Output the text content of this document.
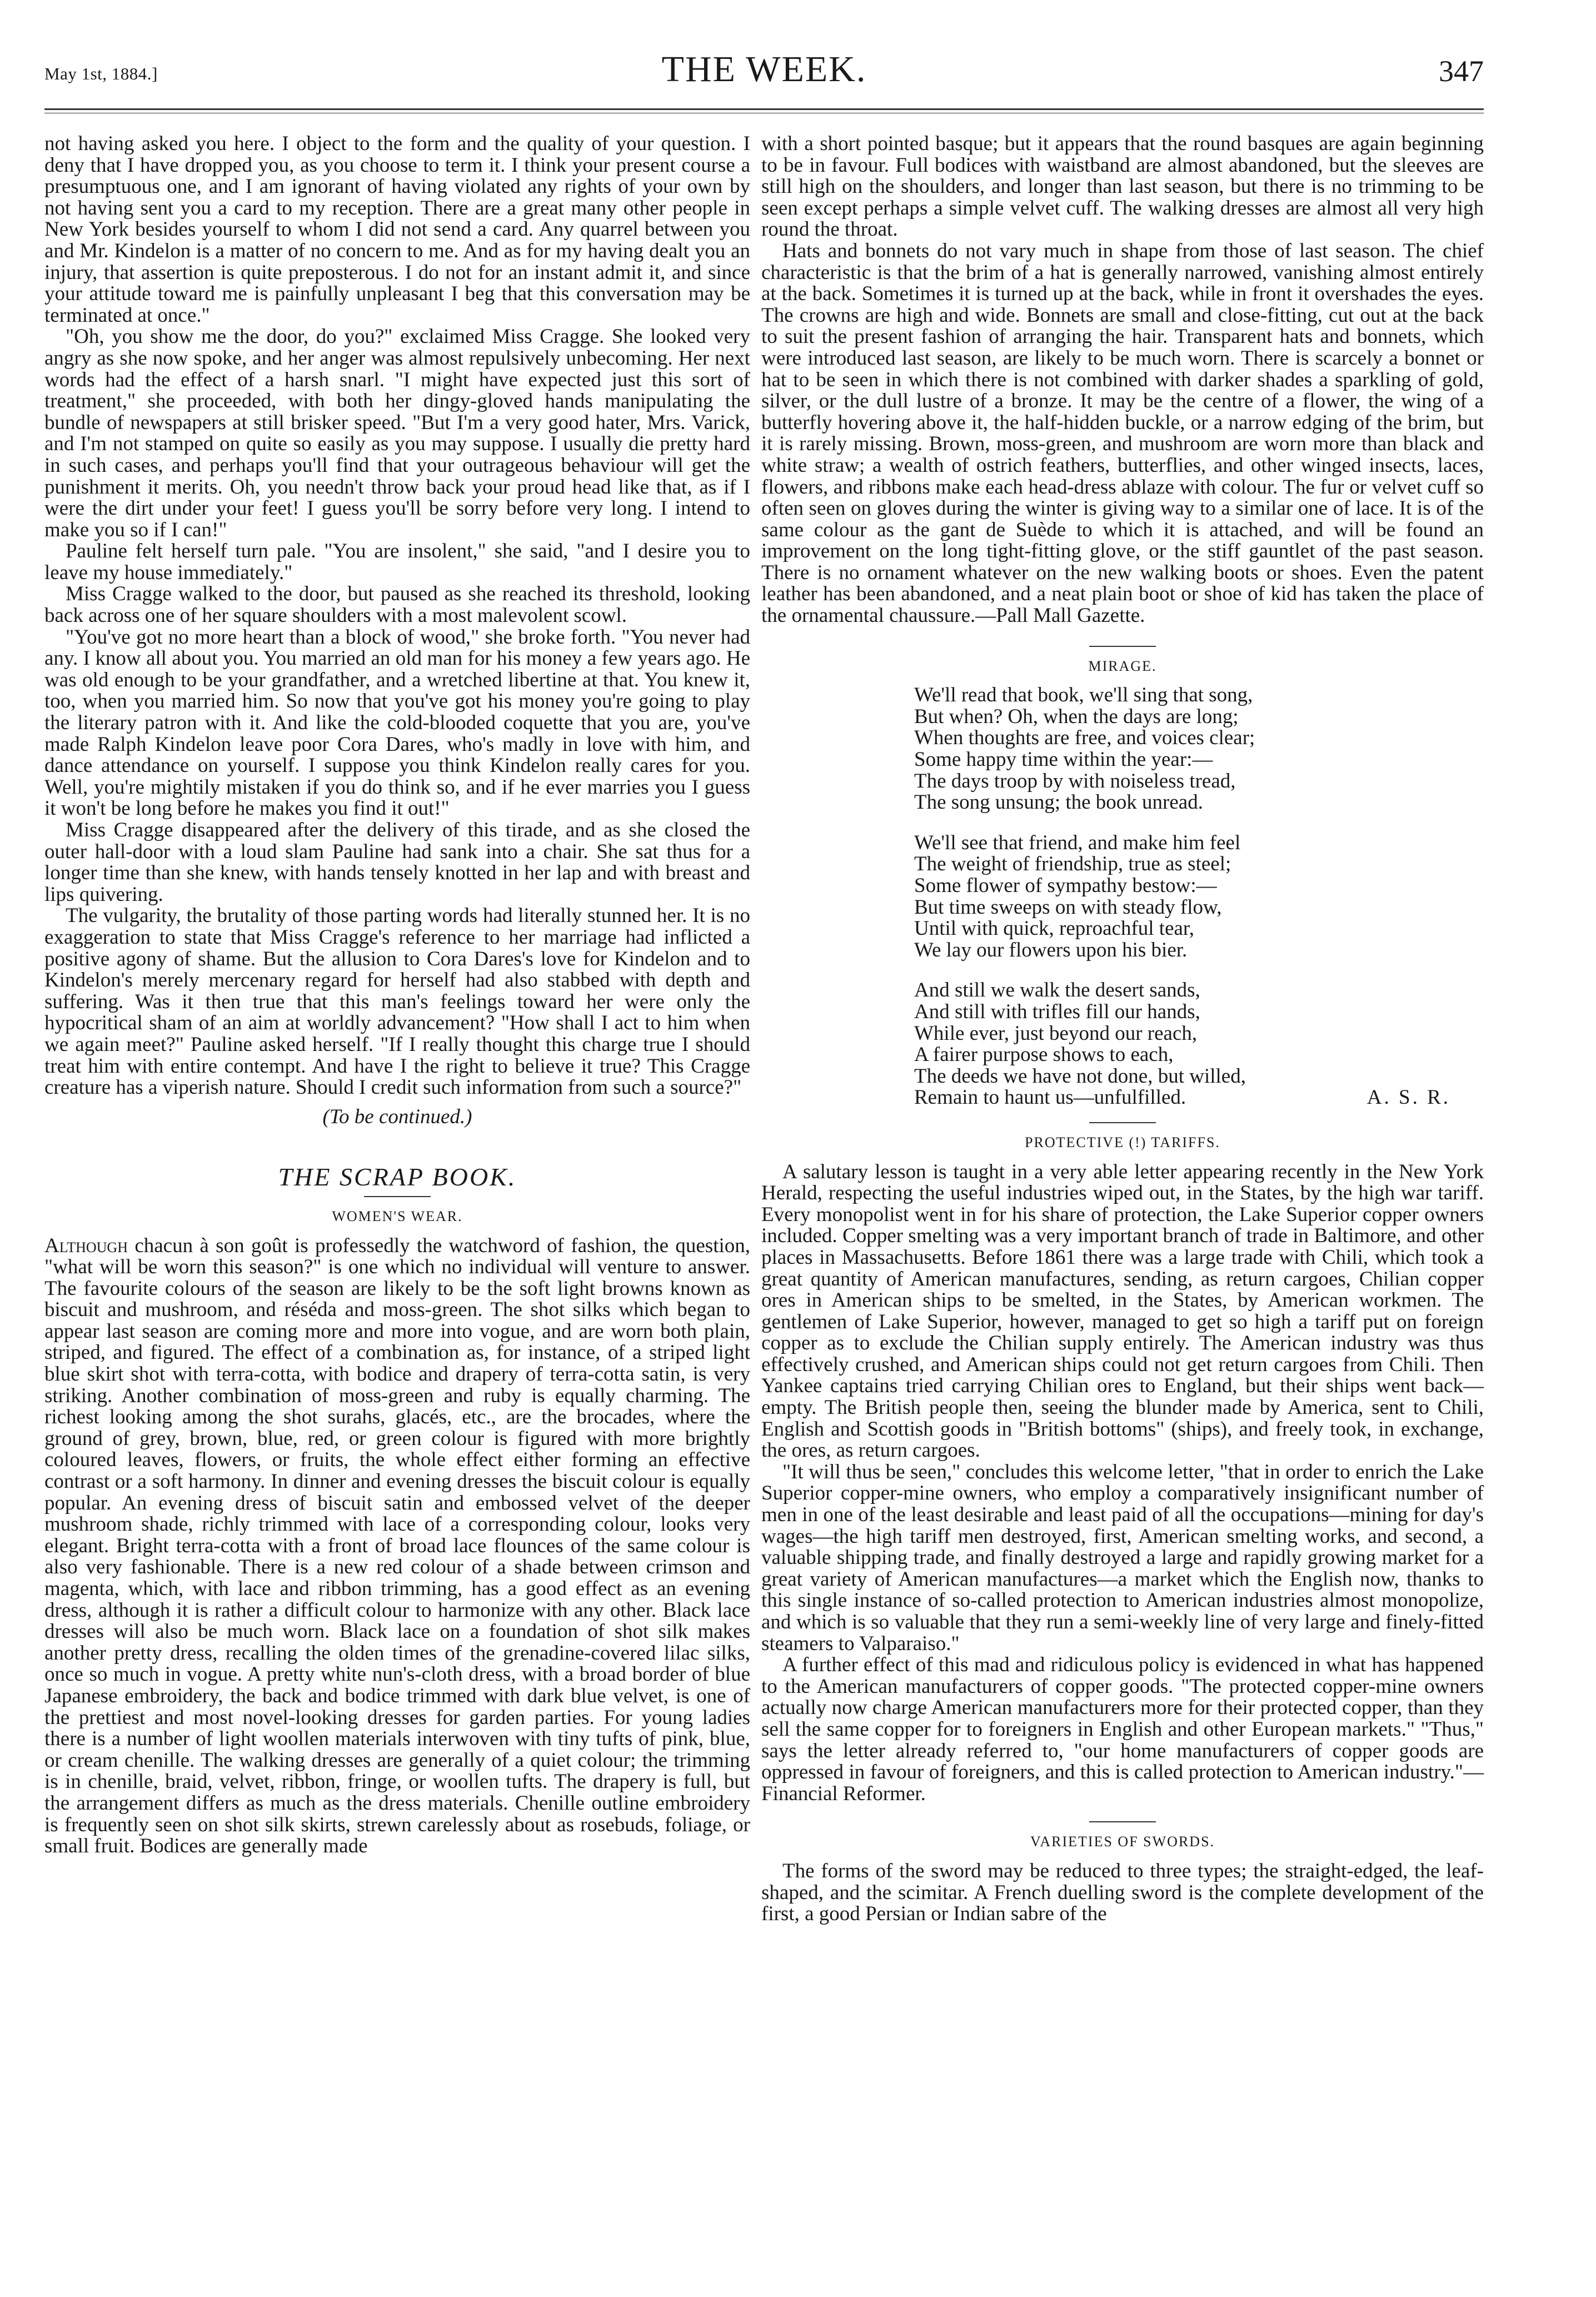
May 1st, 1884.]	THE WEEK.	347

not having asked you here. I object to the form and the quality of your question. I deny that I have dropped you, as you choose to term it. I think your present course a presumptuous one, and I am ignorant of having violated any rights of your own by not having sent you a card to my reception. There are a great many other people in New York besides yourself to whom I did not send a card. Any quarrel between you and Mr. Kindelon is a matter of no concern to me. And as for my having dealt you an injury, that assertion is quite preposterous. I do not for an instant admit it, and since your attitude toward me is painfully unpleasant I beg that this conversation may be terminated at once."

"Oh, you show me the door, do you?" exclaimed Miss Cragge. She looked very angry as she now spoke, and her anger was almost repulsively unbecoming. Her next words had the effect of a harsh snarl. "I might have expected just this sort of treatment," she proceeded, with both her dingy-gloved hands manipulating the bundle of newspapers at still brisker speed. "But I'm a very good hater, Mrs. Varick, and I'm not stamped on quite so easily as you may suppose. I usually die pretty hard in such cases, and perhaps you'll find that your outrageous behaviour will get the punishment it merits. Oh, you needn't throw back your proud head like that, as if I were the dirt under your feet! I guess you'll be sorry before very long. I intend to make you so if I can!"

Pauline felt herself turn pale. "You are insolent," she said, "and I desire you to leave my house immediately."

Miss Cragge walked to the door, but paused as she reached its threshold, looking back across one of her square shoulders with a most malevolent scowl.

"You've got no more heart than a block of wood," she broke forth. "You never had any. I know all about you. You married an old man for his money a few years ago. He was old enough to be your grandfather, and a wretched libertine at that. You knew it, too, when you married him. So now that you've got his money you're going to play the literary patron with it. And like the cold-blooded coquette that you are, you've made Ralph Kindelon leave poor Cora Dares, who's madly in love with him, and dance attendance on yourself. I suppose you think Kindelon really cares for you. Well, you're mightily mistaken if you do think so, and if he ever marries you I guess it won't be long before he makes you find it out!"

Miss Cragge disappeared after the delivery of this tirade, and as she closed the outer hall-door with a loud slam Pauline had sank into a chair. She sat thus for a longer time than she knew, with hands tensely knotted in her lap and with breast and lips quivering.

The vulgarity, the brutality of those parting words had literally stunned her. It is no exaggeration to state that Miss Cragge's reference to her marriage had inflicted a positive agony of shame. But the allusion to Cora Dares's love for Kindelon and to Kindelon's merely mercenary regard for herself had also stabbed with depth and suffering. Was it then true that this man's feelings toward her were only the hypocritical sham of an aim at worldly advancement? "How shall I act to him when we again meet?" Pauline asked herself. "If I really thought this charge true I should treat him with entire contempt. And have I the right to believe it true? This Cragge creature has a viperish nature. Should I credit such information from such a source?"

(To be continued.)

THE SCRAP BOOK.
WOMEN'S WEAR.

Although chacun à son goût is professedly the watchword of fashion, the question, "what will be worn this season?" is one which no individual will venture to answer. The favourite colours of the season are likely to be the soft light browns known as biscuit and mushroom, and réséda and moss-green. The shot silks which began to appear last season are coming more and more into vogue, and are worn both plain, striped, and figured. The effect of a combination as, for instance, of a striped light blue skirt shot with terra-cotta, with bodice and drapery of terra-cotta satin, is very striking. Another combination of moss-green and ruby is equally charming. The richest looking among the shot surahs, glacés, etc., are the brocades, where the ground of grey, brown, blue, red, or green colour is figured with more brightly coloured leaves, flowers, or fruits, the whole effect either forming an effective contrast or a soft harmony. In dinner and evening dresses the biscuit colour is equally popular. An evening dress of biscuit satin and embossed velvet of the deeper mushroom shade, richly trimmed with lace of a corresponding colour, looks very elegant. Bright terra-cotta with a front of broad lace flounces of the same colour is also very fashionable. There is a new red colour of a shade between crimson and magenta, which, with lace and ribbon trimming, has a good effect as an evening dress, although it is rather a difficult colour to harmonize with any other. Black lace dresses will also be much worn. Black lace on a foundation of shot silk makes another pretty dress, recalling the olden times of the grenadine-covered lilac silks, once so much in vogue. A pretty white nun's-cloth dress, with a broad border of blue Japanese embroidery, the back and bodice trimmed with dark blue velvet, is one of the prettiest and most novel-looking dresses for garden parties. For young ladies there is a number of light woollen materials interwoven with tiny tufts of pink, blue, or cream chenille. The walking dresses are generally of a quiet colour; the trimming is in chenille, braid, velvet, ribbon, fringe, or woollen tufts. The drapery is full, but the arrangement differs as much as the dress materials. Chenille outline embroidery is frequently seen on shot silk skirts, strewn carelessly about as rosebuds, foliage, or small fruit. Bodices are generally made

with a short pointed basque; but it appears that the round basques are again beginning to be in favour. Full bodices with waistband are almost abandoned, but the sleeves are still high on the shoulders, and longer than last season, but there is no trimming to be seen except perhaps a simple velvet cuff. The walking dresses are almost all very high round the throat.

Hats and bonnets do not vary much in shape from those of last season. The chief characteristic is that the brim of a hat is generally narrowed, vanishing almost entirely at the back. Sometimes it is turned up at the back, while in front it overshades the eyes. The crowns are high and wide. Bonnets are small and close-fitting, cut out at the back to suit the present fashion of arranging the hair. Transparent hats and bonnets, which were introduced last season, are likely to be much worn. There is scarcely a bonnet or hat to be seen in which there is not combined with darker shades a sparkling of gold, silver, or the dull lustre of a bronze. It may be the centre of a flower, the wing of a butterfly hovering above it, the half-hidden buckle, or a narrow edging of the brim, but it is rarely missing. Brown, moss-green, and mushroom are worn more than black and white straw; a wealth of ostrich feathers, butterflies, and other winged insects, laces, flowers, and ribbons make each head-dress ablaze with colour. The fur or velvet cuff so often seen on gloves during the winter is giving way to a similar one of lace. It is of the same colour as the gant de Suède to which it is attached, and will be found an improvement on the long tight-fitting glove, or the stiff gauntlet of the past season. There is no ornament whatever on the new walking boots or shoes. Even the patent leather has been abandoned, and a neat plain boot or shoe of kid has taken the place of the ornamental chaussure.—Pall Mall Gazette.

MIRAGE.
We'll read that book, we'll sing that song,
But when? Oh, when the days are long;
When thoughts are free, and voices clear;
Some happy time within the year:—
The days troop by with noiseless tread,
The song unsung; the book unread.
We'll see that friend, and make him feel
The weight of friendship, true as steel;
Some flower of sympathy bestow:—
But time sweeps on with steady flow,
Until with quick, reproachful tear,
We lay our flowers upon his bier.
And still we walk the desert sands,
And still with trifles fill our hands,
While ever, just beyond our reach,
A fairer purpose shows to each,
The deeds we have not done, but willed,
Remain to haunt us—unfulfilled.	A. S. R.
PROTECTIVE (!) TARIFFS.

A salutary lesson is taught in a very able letter appearing recently in the New York Herald, respecting the useful industries wiped out, in the States, by the high war tariff. Every monopolist went in for his share of protection, the Lake Superior copper owners included. Copper smelting was a very important branch of trade in Baltimore, and other places in Massachusetts. Before 1861 there was a large trade with Chili, which took a great quantity of American manufactures, sending, as return cargoes, Chilian copper ores in American ships to be smelted, in the States, by American workmen. The gentlemen of Lake Superior, however, managed to get so high a tariff put on foreign copper as to exclude the Chilian supply entirely. The American industry was thus effectively crushed, and American ships could not get return cargoes from Chili. Then Yankee captains tried carrying Chilian ores to England, but their ships went back—empty. The British people then, seeing the blunder made by America, sent to Chili, English and Scottish goods in "British bottoms" (ships), and freely took, in exchange, the ores, as return cargoes.

"It will thus be seen," concludes this welcome letter, "that in order to enrich the Lake Superior copper-mine owners, who employ a comparatively insignificant number of men in one of the least desirable and least paid of all the occupations—mining for day's wages—the high tariff men destroyed, first, American smelting works, and second, a valuable shipping trade, and finally destroyed a large and rapidly growing market for a great variety of American manufactures—a market which the English now, thanks to this single instance of so-called protection to American industries almost monopolize, and which is so valuable that they run a semi-weekly line of very large and finely-fitted steamers to Valparaiso."

A further effect of this mad and ridiculous policy is evidenced in what has happened to the American manufacturers of copper goods. "The protected copper-mine owners actually now charge American manufacturers more for their protected copper, than they sell the same copper for to foreigners in English and other European markets." "Thus," says the letter already referred to, "our home manufacturers of copper goods are oppressed in favour of foreigners, and this is called protection to American industry."—Financial Reformer.

VARIETIES OF SWORDS.

The forms of the sword may be reduced to three types; the straight-edged, the leaf-shaped, and the scimitar. A French duelling sword is the complete development of the first, a good Persian or Indian sabre of the
